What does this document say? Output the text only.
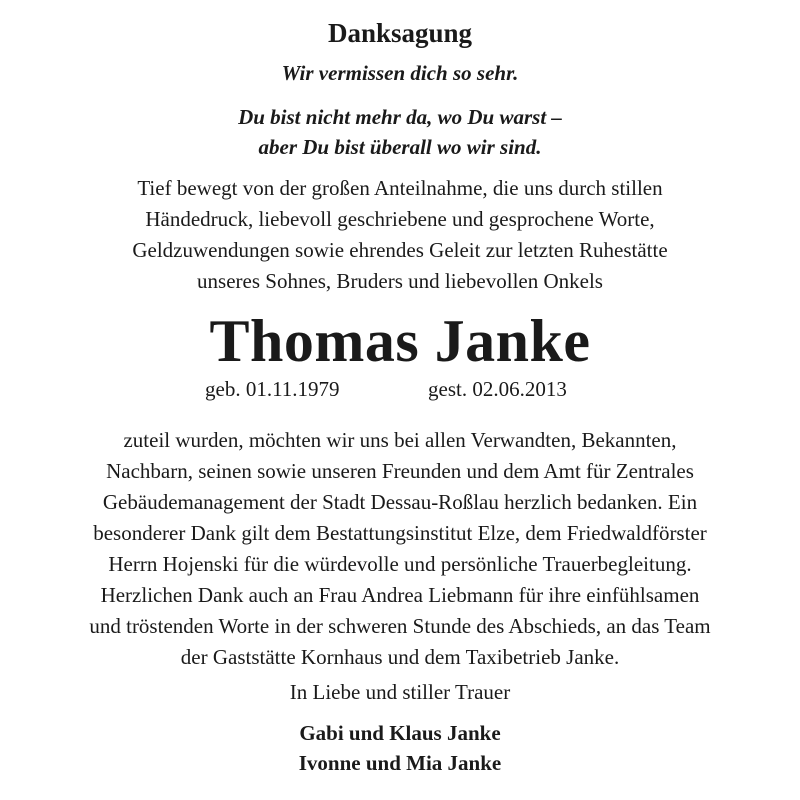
Danksagung
Wir vermissen dich so sehr.
Du bist nicht mehr da, wo Du warst –
aber Du bist überall wo wir sind.
Tief bewegt von der großen Anteilnahme, die uns durch stillen
Händedruck, liebevoll geschriebene und gesprochene Worte,
Geldzuwendungen sowie ehrendes Geleit zur letzten Ruhestätte
unseres Sohnes, Bruders und liebevollen Onkels
Thomas Janke
geb. 01.11.1979	gest. 02.06.2013
zuteil wurden, möchten wir uns bei allen Verwandten, Bekannten,
Nachbarn, seinen sowie unseren Freunden und dem Amt für Zentrales
Gebäudemanagement der Stadt Dessau-Roßlau herzlich bedanken. Ein
besonderer Dank gilt dem Bestattungsinstitut Elze, dem Friedwaldförster
Herrn Hojenski für die würdevolle und persönliche Trauerbegleitung.
Herzlichen Dank auch an Frau Andrea Liebmann für ihre einfühlsamen
und tröstenden Worte in der schweren Stunde des Abschieds, an das Team
der Gaststätte Kornhaus und dem Taxibetrieb Janke.
In Liebe und stiller Trauer
Gabi und Klaus Janke
Ivonne und Mia Janke
